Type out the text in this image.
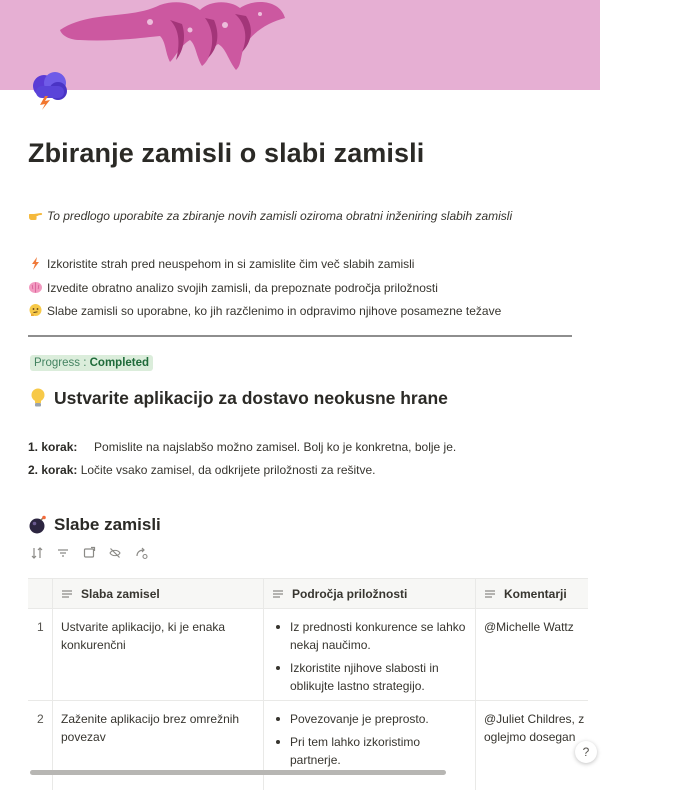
Zbiranje zamisli o slabi zamisli
To predlogo uporabite za zbiranje novih zamisli oziroma obratni inženiring slabih zamisli
Izkoristite strah pred neuspehom in si zamislite čim več slabih zamisli
Izvedite obratno analizo svojih zamisli, da prepoznate področja priložnosti
Slabe zamisli so uporabne, ko jih razčlenimo in odpravimo njihove posamezne težave
Progress : Completed
Ustvarite aplikacijo za dostavo neokusne hrane
1. korak: Pomislite na najslabšo možno zamisel. Bolj ko je konkretna, bolje je.
2. korak: Ločite vsako zamisel, da odkrijete priložnosti za rešitve.
Slabe zamisli
Slaba zamisel	Področja priložnosti	Komentarji
1 Ustvarite aplikacijo, ki je enaka konkurenčni
Iz prednosti konkurence se lahko nekaj naučimo.
Izkoristite njihove slabosti in oblikujte lastno strategijo.
@Michelle Wattz
2 Zaženite aplikacijo brez omrežnih povezav
Povezovanje je preprosto.
Pri tem lahko izkoristimo partnerje.
@Juliet Childres, z
oglejmo dosegan
?
